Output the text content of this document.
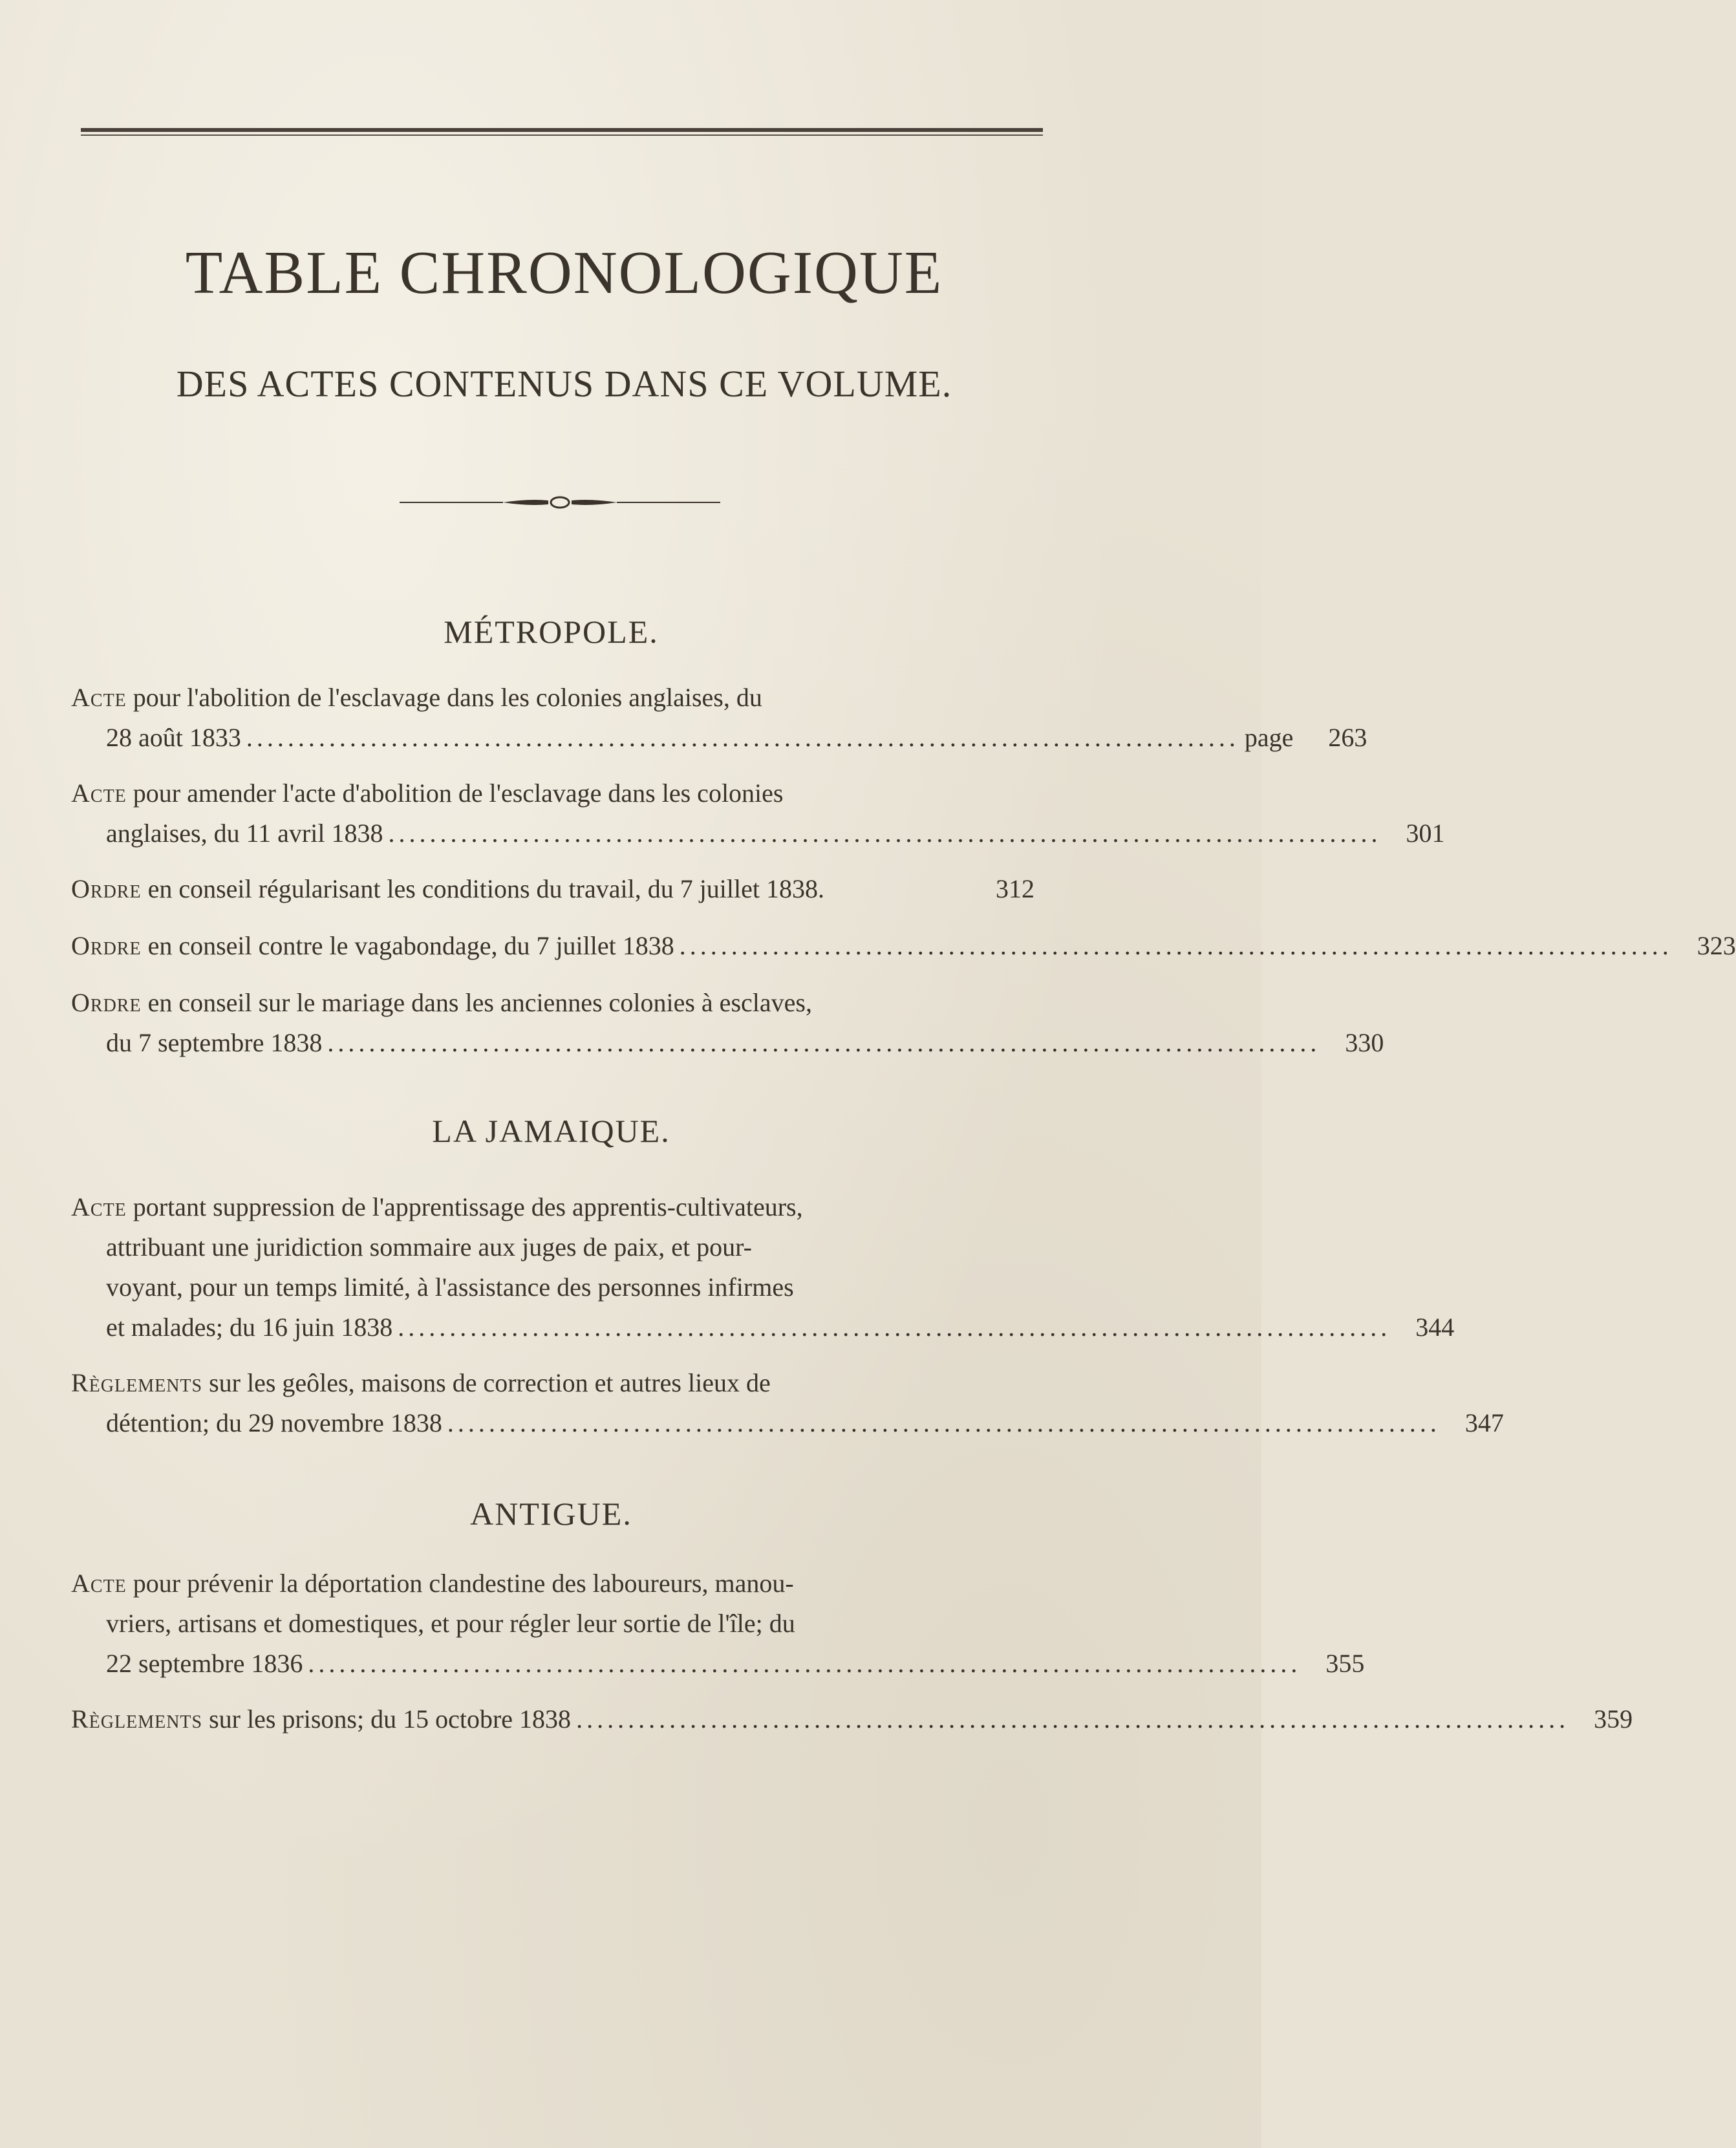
TABLE CHRONOLOGIQUE
DES ACTES CONTENUS DANS CE VOLUME.
MÉTROPOLE.
Acte pour l'abolition de l'esclavage dans les colonies anglaises, du
28 août 1833 ................................................................................................ page	263
Acte pour amender l'acte d'abolition de l'esclavage dans les colonies
anglaises, du 11 avril 1838 ................................................................................................ 301
Ordre en conseil régularisant les conditions du travail, du 7 juillet 1838.	312
Ordre en conseil contre le vagabondage, du 7 juillet 1838 ................................................................................................ 323
Ordre en conseil sur le mariage dans les anciennes colonies à esclaves,
du 7 septembre 1838 ................................................................................................ 330
LA JAMAIQUE.
Acte portant suppression de l'apprentissage des apprentis-cultivateurs,
attribuant une juridiction sommaire aux juges de paix, et pour-
voyant, pour un temps limité, à l'assistance des personnes infirmes
et malades; du 16 juin 1838 ................................................................................................ 344
Règlements sur les geôles, maisons de correction et autres lieux de
détention; du 29 novembre 1838 ................................................................................................ 347
ANTIGUE.
Acte pour prévenir la déportation clandestine des laboureurs, manou-
vriers, artisans et domestiques, et pour régler leur sortie de l'île; du
22 septembre 1836 ................................................................................................ 355
Règlements sur les prisons; du 15 octobre 1838 ................................................................................................ 359
